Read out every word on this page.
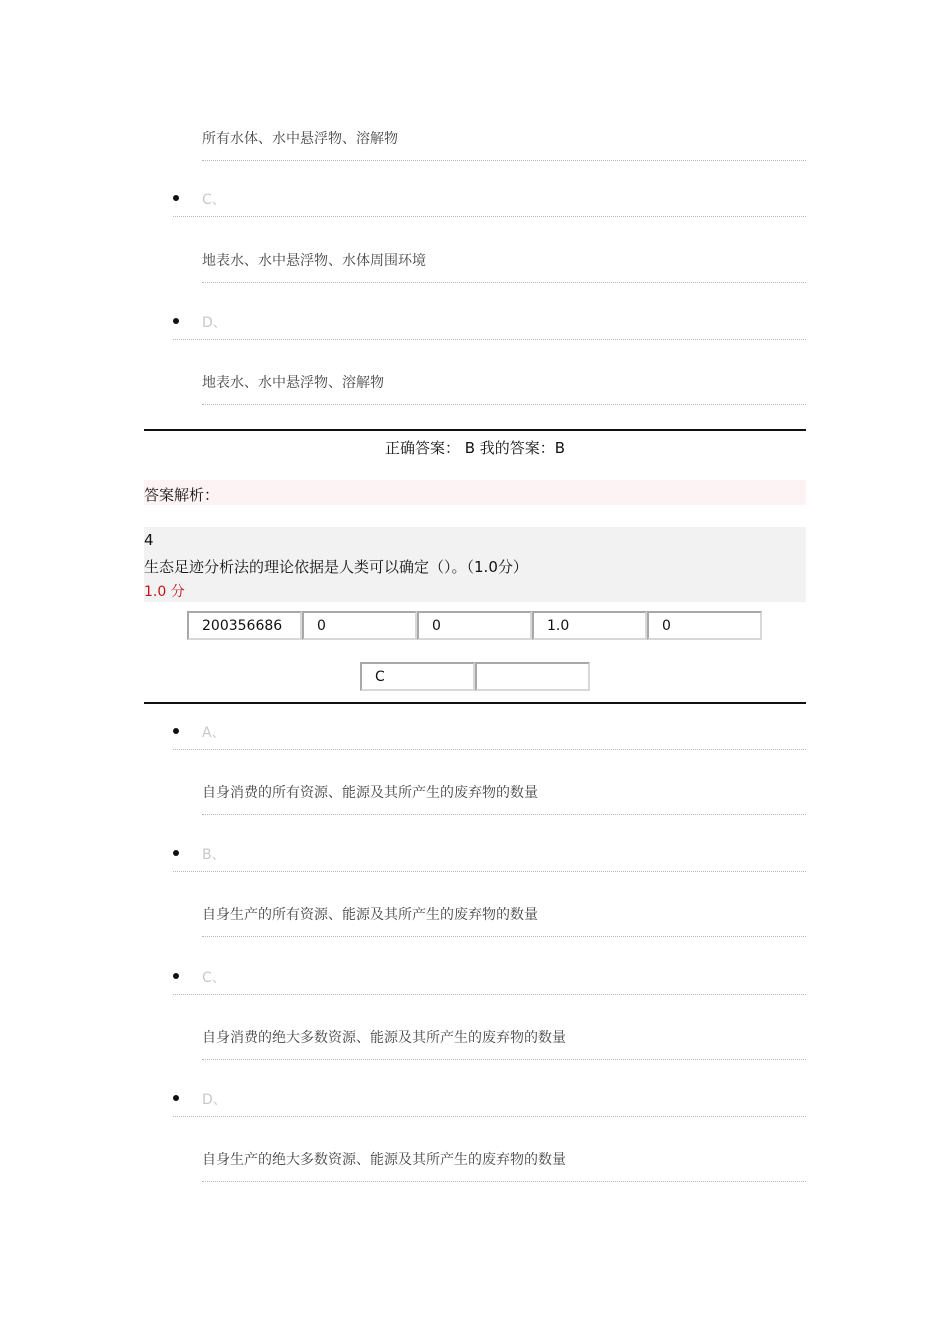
所有水体、水中悬浮物、溶解物
C、
地表水、水中悬浮物、水体周围环境
D、
地表水、水中悬浮物、溶解物
正确答案： B 我的答案：B
答案解析：
4
生态足迹分析法的理论依据是人类可以确定（）。（1.0分）
1.0 分
200356686	0	0	1.0	0
C
A、
自身消费的所有资源、能源及其所产生的废弃物的数量
B、
自身生产的所有资源、能源及其所产生的废弃物的数量
C、
自身消费的绝大多数资源、能源及其所产生的废弃物的数量
D、
自身生产的绝大多数资源、能源及其所产生的废弃物的数量
